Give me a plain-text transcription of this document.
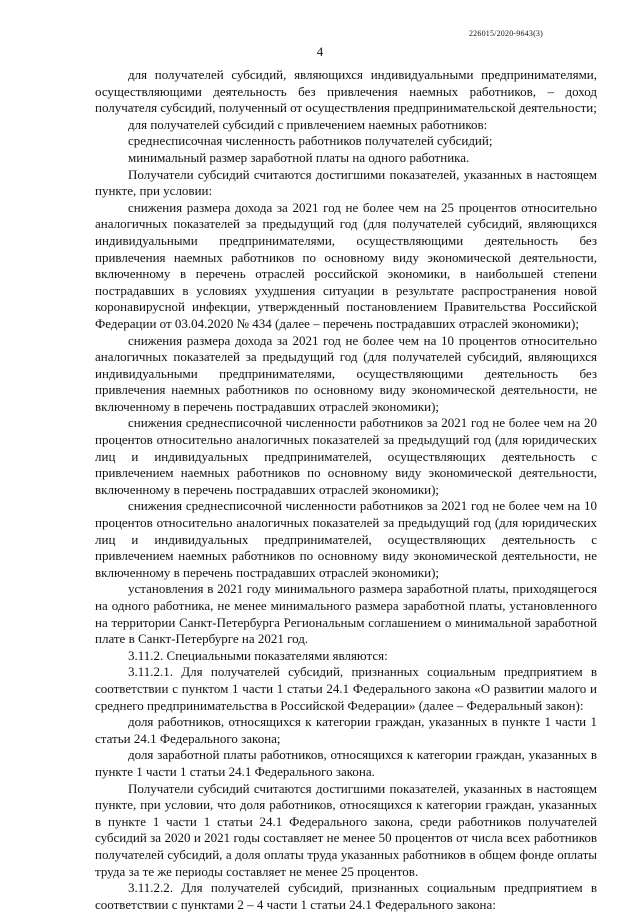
226015/2020-9643(3)
4

для получателей субсидий, являющихся индивидуальными предпринимателями, осуществляющими деятельность без привлечения наемных работников, – доход получателя субсидий, полученный от осуществления предпринимательской деятельности;

для получателей субсидий с привлечением наемных работников:

среднесписочная численность работников получателей субсидий;

минимальный размер заработной платы на одного работника.

Получатели субсидий считаются достигшими показателей, указанных в настоящем пункте, при условии:

снижения размера дохода за 2021 год не более чем на 25 процентов относительно аналогичных показателей за предыдущий год (для получателей субсидий, являющихся индивидуальными предпринимателями, осуществляющими деятельность без привлечения наемных работников по основному виду экономической деятельности, включенному в перечень отраслей российской экономики, в наибольшей степени пострадавших в условиях ухудшения ситуации в результате распространения новой коронавирусной инфекции, утвержденный постановлением Правительства Российской Федерации от 03.04.2020 № 434 (далее – перечень пострадавших отраслей экономики);

снижения размера дохода за 2021 год не более чем на 10 процентов относительно аналогичных показателей за предыдущий год (для получателей субсидий, являющихся индивидуальными предпринимателями, осуществляющими деятельность без привлечения наемных работников по основному виду экономической деятельности, не включенному в перечень пострадавших отраслей экономики);

снижения среднесписочной численности работников за 2021 год не более чем на 20 процентов относительно аналогичных показателей за предыдущий год (для юридических лиц и индивидуальных предпринимателей, осуществляющих деятельность с привлечением наемных работников по основному виду экономической деятельности, включенному в перечень пострадавших отраслей экономики);

снижения среднесписочной численности работников за 2021 год не более чем на 10 процентов относительно аналогичных показателей за предыдущий год (для юридических лиц и индивидуальных предпринимателей, осуществляющих деятельность с привлечением наемных работников по основному виду экономической деятельности, не включенному в перечень пострадавших отраслей экономики);

установления в 2021 году минимального размера заработной платы, приходящегося на одного работника, не менее минимального размера заработной платы, установленного на территории Санкт-Петербурга Региональным соглашением о минимальной заработной плате в Санкт-Петербурге на 2021 год.

3.11.2. Специальными показателями являются:

3.11.2.1. Для получателей субсидий, признанных социальным предприятием в соответствии с пунктом 1 части 1 статьи 24.1 Федерального закона «О развитии малого и среднего предпринимательства в Российской Федерации» (далее – Федеральный закон):

доля работников, относящихся к категории граждан, указанных в пункте 1 части 1 статьи 24.1 Федерального закона;

доля заработной платы работников, относящихся к категории граждан, указанных в пункте 1 части 1 статьи 24.1 Федерального закона.

Получатели субсидий считаются достигшими показателей, указанных в настоящем пункте, при условии, что доля работников, относящихся к категории граждан, указанных в пункте 1 части 1 статьи 24.1 Федерального закона, среди работников получателей субсидий за 2020 и 2021 годы составляет не менее 50 процентов от числа всех работников получателей субсидий, а доля оплаты труда указанных работников в общем фонде оплаты труда за те же периоды составляет не менее 25 процентов.

3.11.2.2. Для получателей субсидий, признанных социальным предприятием в соответствии с пунктами 2 – 4 части 1 статьи 24.1 Федерального закона:
